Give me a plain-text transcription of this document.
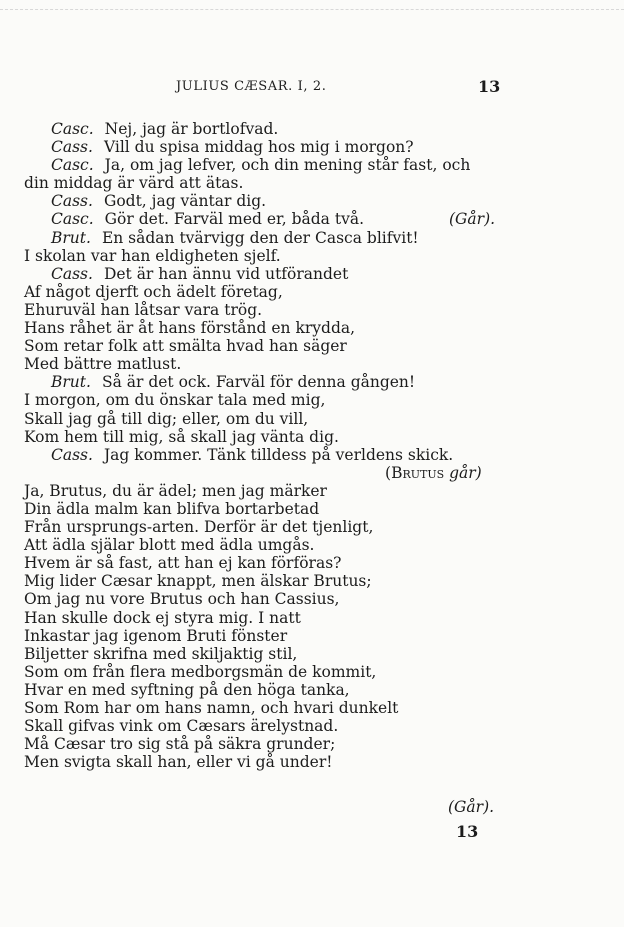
JULIUS CÆSAR. I, 2.	13
Casc. Nej, jag är bortlofvad.
Cass. Vill du spisa middag hos mig i morgon?
Casc. Ja, om jag lefver, och din mening står fast, och
din middag är värd att ätas.
Cass. Godt, jag väntar dig.
Casc. Gör det. Farväl med er, båda två.	(Går).
Brut. En sådan tvärvigg den der Casca blifvit!
I skolan var han eldigheten sjelf.
Cass. Det är han ännu vid utförandet
Af något djerft och ädelt företag,
Ehuruväl han låtsar vara trög.
Hans råhet är åt hans förstånd en krydda,
Som retar folk att smälta hvad han säger
Med bättre matlust.
Brut. Så är det ock. Farväl för denna gången!
I morgon, om du önskar tala med mig,
Skall jag gå till dig; eller, om du vill,
Kom hem till mig, så skall jag vänta dig.
Cass. Jag kommer. Tänk tilldess på verldens skick.
(Brutus går)
Ja, Brutus, du är ädel; men jag märker
Din ädla malm kan blifva bortarbetad
Från ursprungs-arten. Derför är det tjenligt,
Att ädla själar blott med ädla umgås.
Hvem är så fast, att han ej kan förföras?
Mig lider Cæsar knappt, men älskar Brutus;
Om jag nu vore Brutus och han Cassius,
Han skulle dock ej styra mig. I natt
Inkastar jag igenom Bruti fönster
Biljetter skrifna med skiljaktig stil,
Som om från flera medborgsmän de kommit,
Hvar en med syftning på den höga tanka,
Som Rom har om hans namn, och hvari dunkelt
Skall gifvas vink om Cæsars ärelystnad.
Må Cæsar tro sig stå på säkra grunder;
Men svigta skall han, eller vi gå under!
(Går).
13
